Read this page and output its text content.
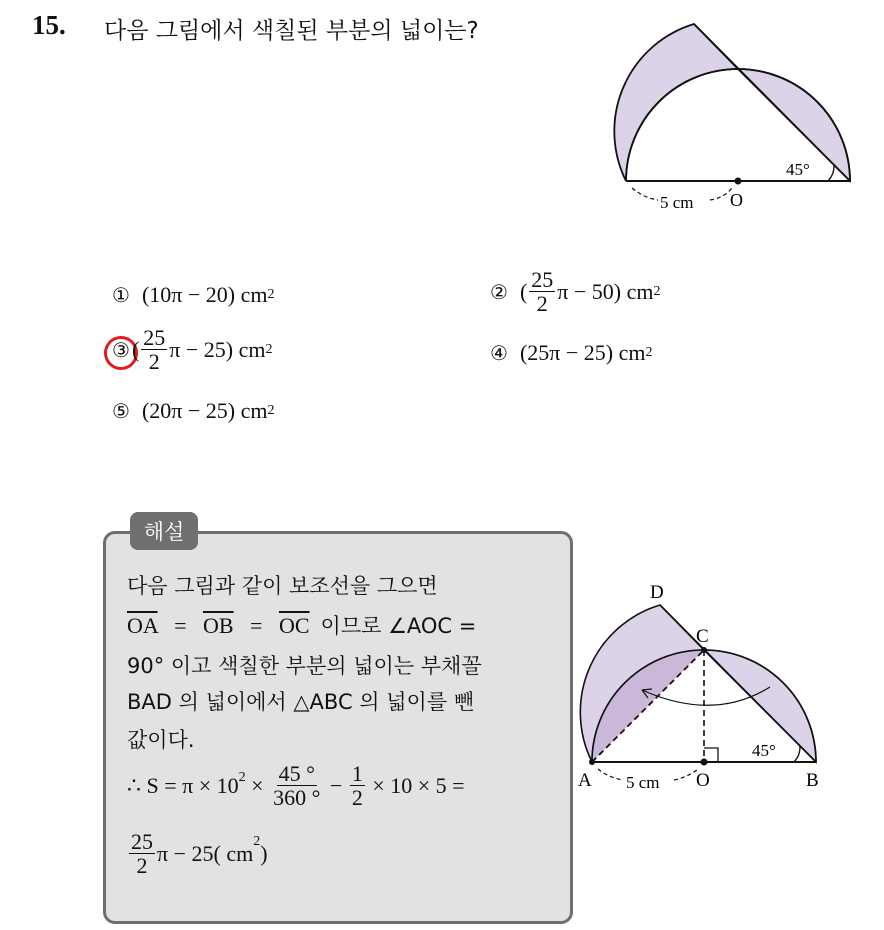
15. 다음 그림에서 색칠된 부분의 넓이는?
45°
5 cm O
① (10π − 20)
cm 2	② ( $\frac{25}{2}$ π − 50)
cm 2
③ ( $\frac{25}{2}$ π − 25)
cm 2	④ (25π − 25)
cm 2
⑤ (20π − 25)
cm 2
해설
다음 그림과 같이 보조선을 그으면
$\overline{OA} = \overline{OB} = \overline{OC}$ 이므로 ∠AOC =
90° 이고 색칠한 부분의 넓이는 부채꼴
BAD 의 넓이에서 △ABC 의 넓이를 뺀
값이다.
∴ $S = \pi \times 10^2 \times \frac{45 ^\circ}{360 ^\circ} - \frac{1}{2} \times 10 \times 5$ =
$\frac{25}{2}$ π − 25( $cm^2$ )
45°
D
C
A	O	B
5 cm
